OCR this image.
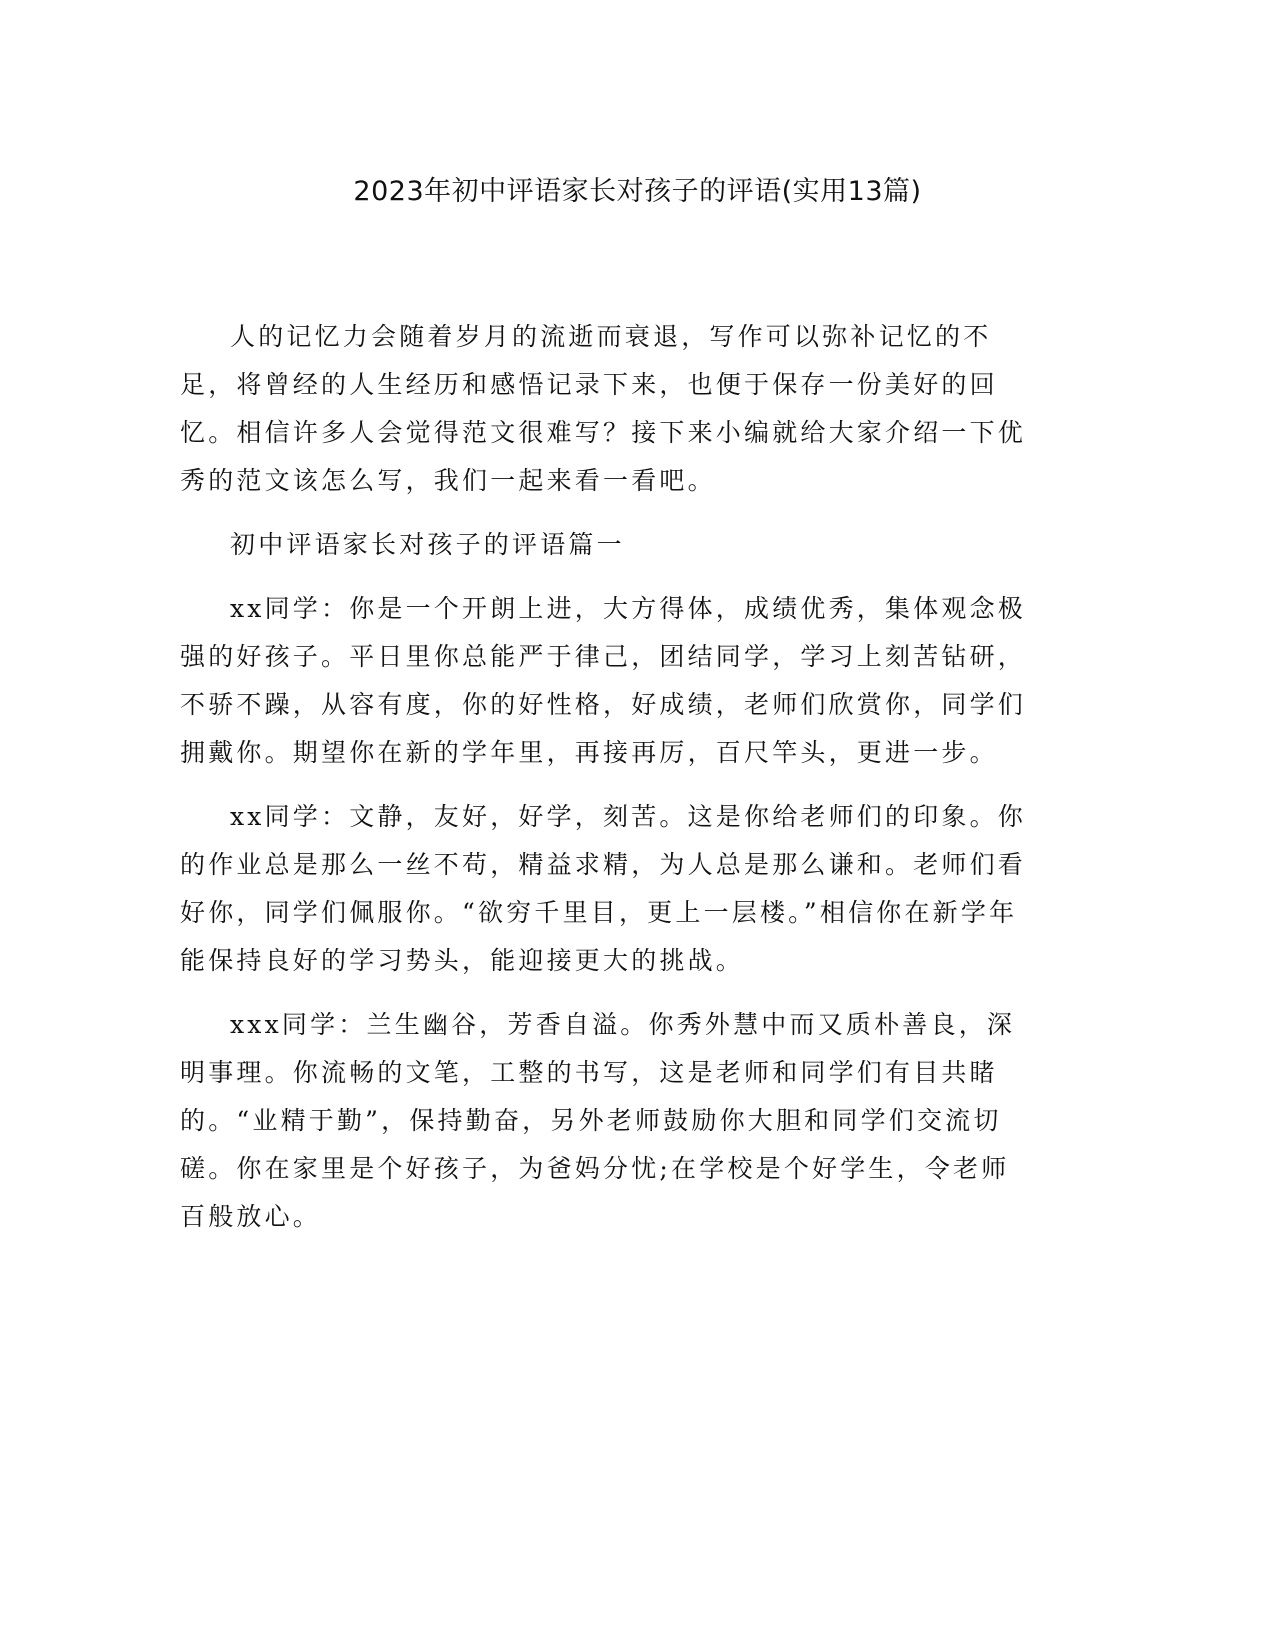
2023年初中评语家长对孩子的评语(实用13篇)

人的记忆力会随着岁月的流逝而衰退，写作可以弥补记忆的不足，将曾经的人生经历和感悟记录下来，也便于保存一份美好的回忆。相信许多人会觉得范文很难写？接下来小编就给大家介绍一下优秀的范文该怎么写，我们一起来看一看吧。

初中评语家长对孩子的评语篇一

xx同学：你是一个开朗上进，大方得体，成绩优秀，集体观念极强的好孩子。平日里你总能严于律己，团结同学，学习上刻苦钻研，不骄不躁，从容有度，你的好性格，好成绩，老师们欣赏你，同学们拥戴你。期望你在新的学年里，再接再厉，百尺竿头，更进一步。

xx同学：文静，友好，好学，刻苦。这是你给老师们的印象。你的作业总是那么一丝不苟，精益求精，为人总是那么谦和。老师们看好你，同学们佩服你。“欲穷千里目，更上一层楼。”相信你在新学年能保持良好的学习势头，能迎接更大的挑战。

xxx同学：兰生幽谷，芳香自溢。你秀外慧中而又质朴善良，深明事理。你流畅的文笔，工整的书写，这是老师和同学们有目共睹的。“业精于勤”，保持勤奋，另外老师鼓励你大胆和同学们交流切磋。你在家里是个好孩子，为爸妈分忧;在学校是个好学生，令老师百般放心。
